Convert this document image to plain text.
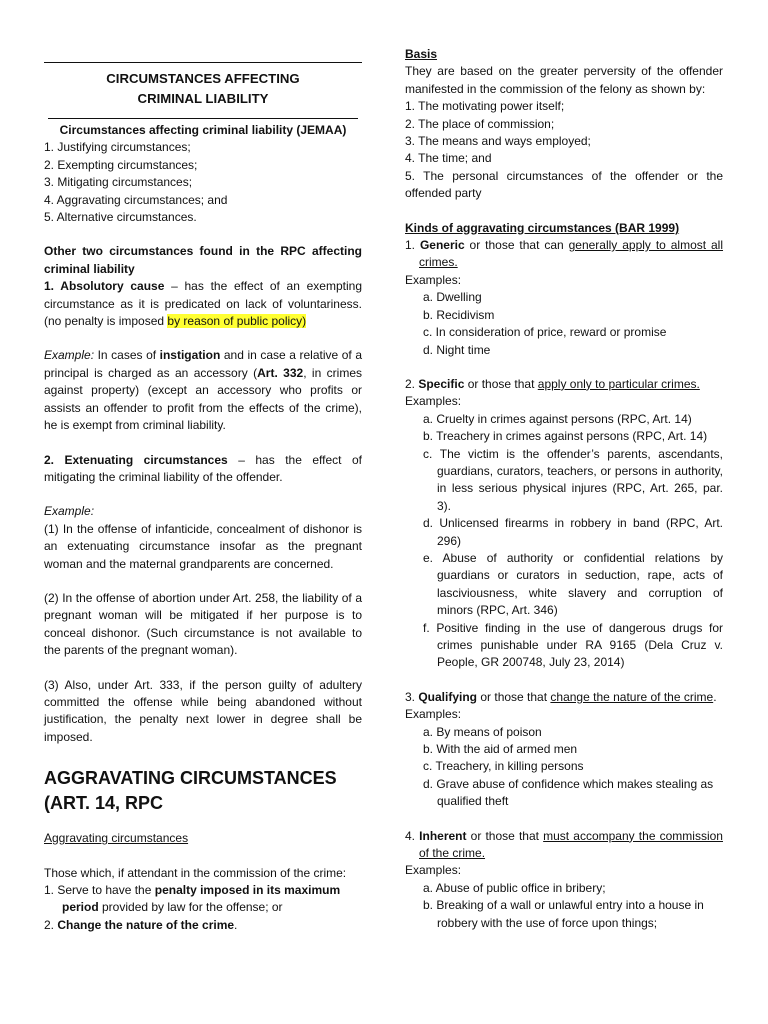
CIRCUMSTANCES AFFECTING

CRIMINAL LIABILITY

Circumstances affecting criminal liability (JEMAA)

1. Justifying circumstances;

2. Exempting circumstances;

3. Mitigating circumstances;

4. Aggravating circumstances; and

5. Alternative circumstances.

Other two circumstances found in the RPC affecting criminal liability

1. Absolutory cause – has the effect of an exempting circumstance as it is predicated on lack of voluntariness. (no penalty is imposed by reason of public policy)

Example: In cases of instigation and in case a relative of a principal is charged as an accessory (Art. 332, in crimes against property) (except an accessory who profits or assists an offender to profit from the effects of the crime), he is exempt from criminal liability.

2. Extenuating circumstances – has the effect of mitigating the criminal liability of the offender.

Example:

(1) In the offense of infanticide, concealment of dishonor is an extenuating circumstance insofar as the pregnant woman and the maternal grandparents are concerned.

(2) In the offense of abortion under Art. 258, the liability of a pregnant woman will be mitigated if her purpose is to conceal dishonor. (Such circumstance is not available to the parents of the pregnant woman).

(3) Also, under Art. 333, if the person guilty of adultery committed the offense while being abandoned without justification, the penalty next lower in degree shall be imposed.

AGGRAVATING CIRCUMSTANCES

(ART. 14, RPC

Aggravating circumstances

Those which, if attendant in the commission of the crime:

1. Serve to have the penalty imposed in its maximum period provided by law for the offense; or

2. Change the nature of the crime.

Basis

They are based on the greater perversity of the offender manifested in the commission of the felony as shown by:

1. The motivating power itself;

2. The place of commission;

3. The means and ways employed;

4. The time; and

5. The personal circumstances of the offender or the offended party

Kinds of aggravating circumstances (BAR 1999)

1. Generic or those that can generally apply to almost all crimes.

Examples:

a. Dwelling

b. Recidivism

c. In consideration of price, reward or promise

d. Night time

2. Specific or those that apply only to particular crimes.

Examples:

a. Cruelty in crimes against persons (RPC, Art. 14)

b. Treachery in crimes against persons (RPC, Art. 14)

c. The victim is the offender’s parents, ascendants, guardians, curators, teachers, or persons in authority, in less serious physical injures (RPC, Art. 265, par. 3).

d. Unlicensed firearms in robbery in band (RPC, Art. 296)

e. Abuse of authority or confidential relations by guardians or curators in seduction, rape, acts of lasciviousness, white slavery and corruption of minors (RPC, Art. 346)

f. Positive finding in the use of dangerous drugs for crimes punishable under RA 9165 (Dela Cruz v. People, GR 200748, July 23, 2014)

3. Qualifying or those that change the nature of the crime.

Examples:

a. By means of poison

b. With the aid of armed men

c. Treachery, in killing persons

d. Grave abuse of confidence which makes stealing as qualified theft

4. Inherent or those that must accompany the commission of the crime.

Examples:

a. Abuse of public office in bribery;

b. Breaking of a wall or unlawful entry into a house in robbery with the use of force upon things;
